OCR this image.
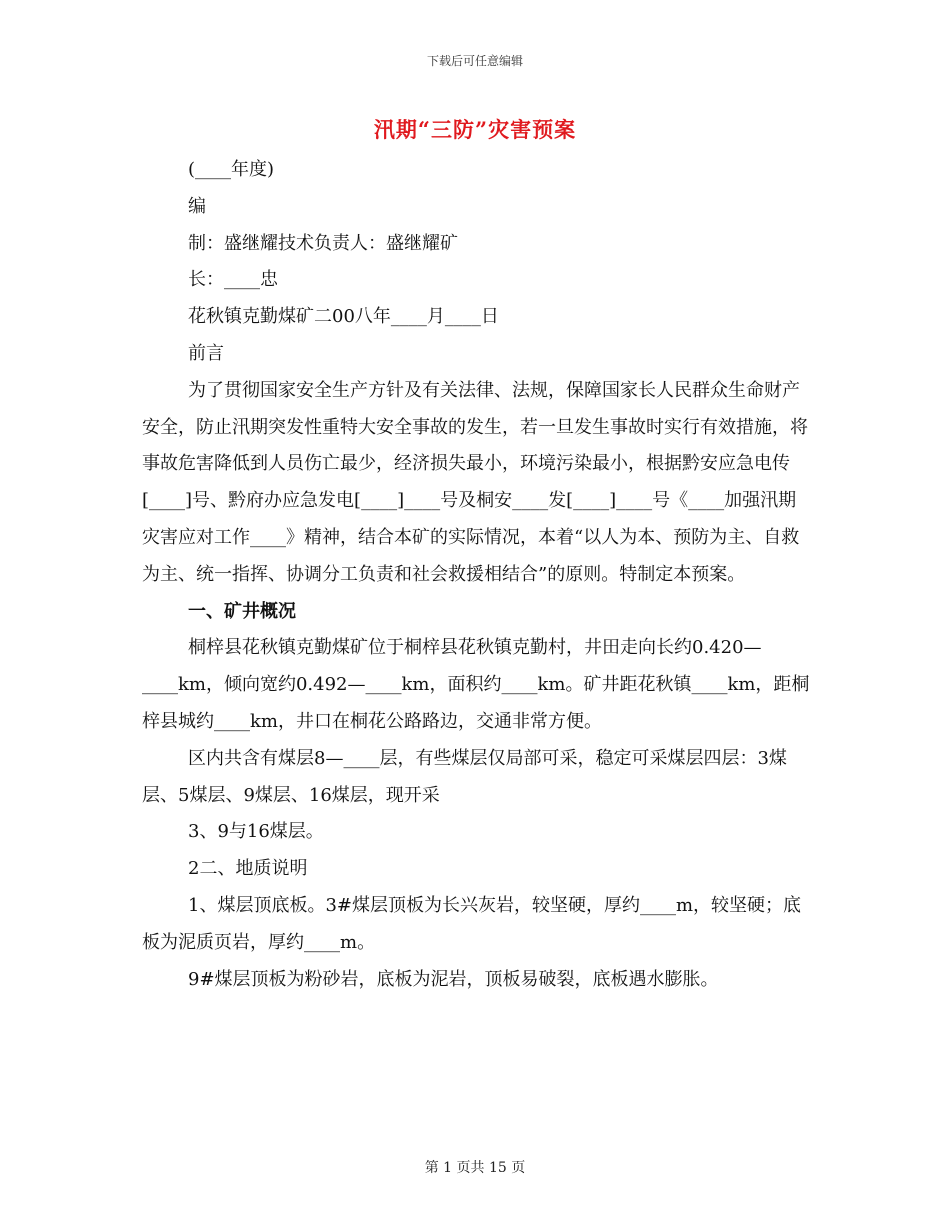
下载后可任意编辑
汛期“三防”灾害预案

(____年度)

编

制：盛继耀技术负责人：盛继耀矿

长：____忠

花秋镇克勤煤矿二00八年____月____日

前言

为了贯彻国家安全生产方针及有关法律、法规，保障国家长人民群众生命财产安全，防止汛期突发性重特大安全事故的发生，若一旦发生事故时实行有效措施，将事故危害降低到人员伤亡最少，经济损失最小，环境污染最小，根据黔安应急电传[____]号、黔府办应急发电[____]____号及桐安____发[____]____号《____加强汛期灾害应对工作____》精神，结合本矿的实际情况，本着“以人为本、预防为主、自救为主、统一指挥、协调分工负责和社会救援相结合”的原则。特制定本预案。

一、矿井概况

桐梓县花秋镇克勤煤矿位于桐梓县花秋镇克勤村，井田走向长约0.420—____km，倾向宽约0.492—____km，面积约____km。矿井距花秋镇____km，距桐梓县城约____km，井口在桐花公路路边，交通非常方便。

区内共含有煤层8—____层，有些煤层仅局部可采，稳定可采煤层四层：3煤层、5煤层、9煤层、16煤层，现开采

3、9与16煤层。

2二、地质说明

1、煤层顶底板。3#煤层顶板为长兴灰岩，较坚硬，厚约____m，较坚硬；底板为泥质页岩，厚约____m。

9#煤层顶板为粉砂岩，底板为泥岩，顶板易破裂，底板遇水膨胀。

第 1 页共 15 页
